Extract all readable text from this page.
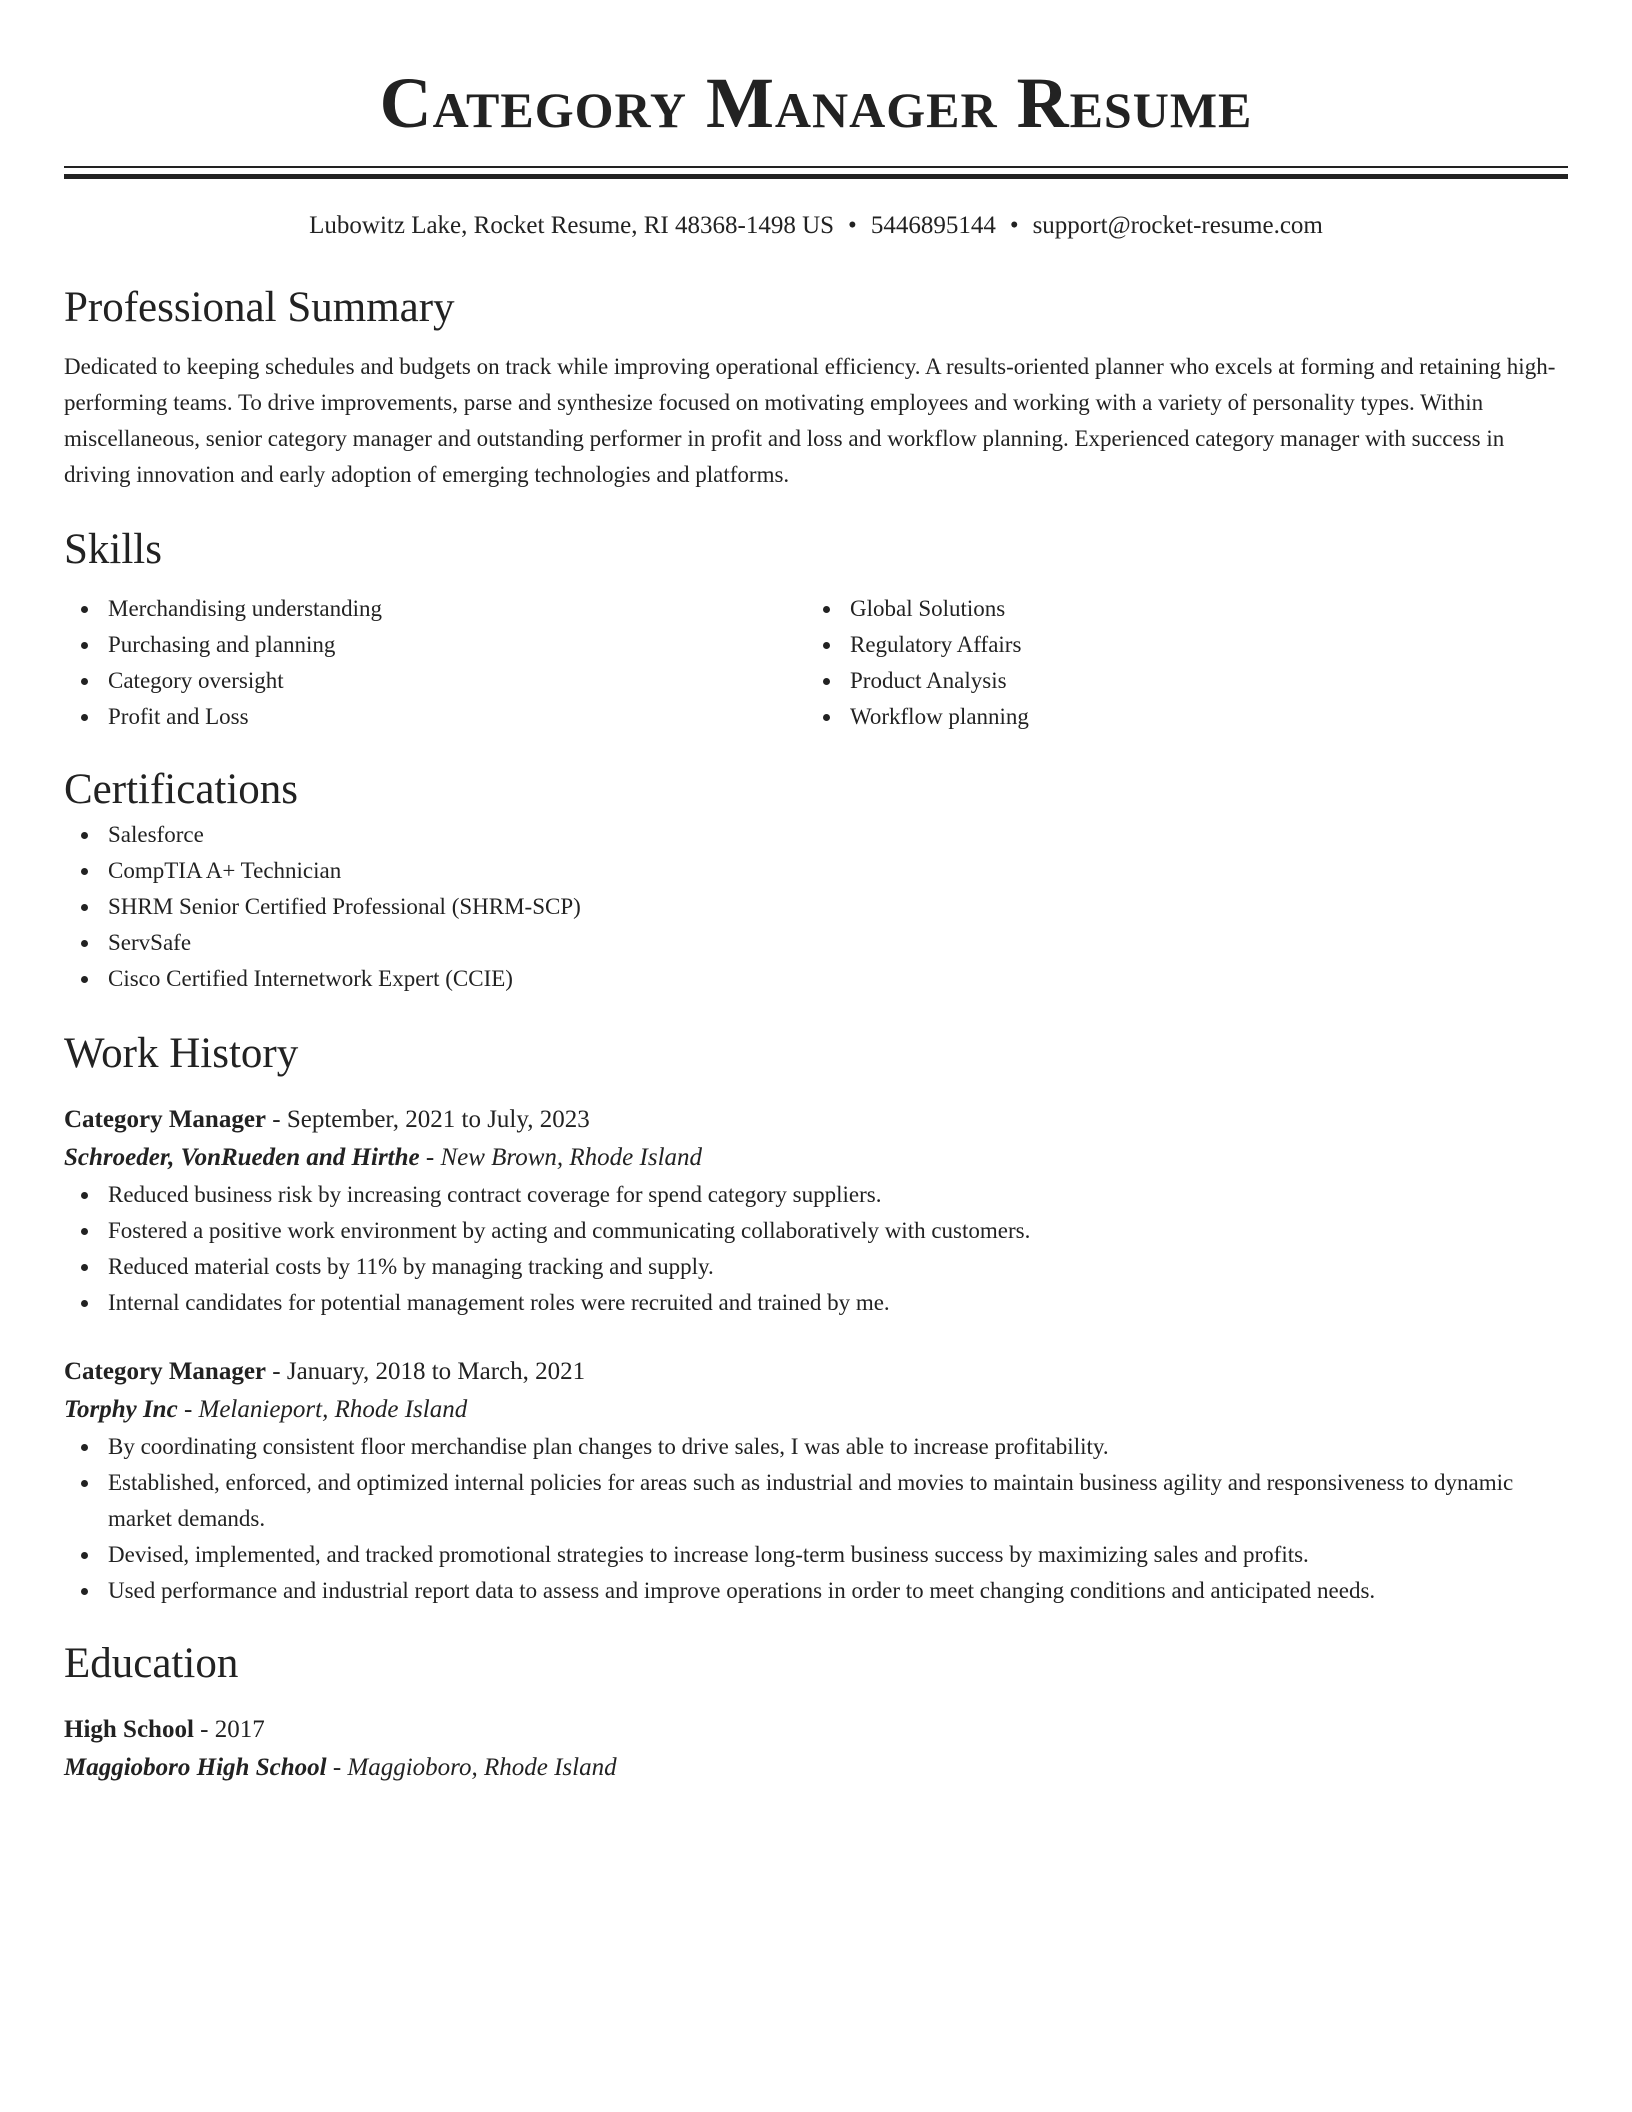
Category Manager Resume
Lubowitz Lake, Rocket Resume, RI 48368-1498 US • 5446895144 • support@rocket-resume.com
Professional Summary
Dedicated to keeping schedules and budgets on track while improving operational efficiency. A results-oriented planner who excels at forming and retaining high-performing teams. To drive improvements, parse and synthesize focused on motivating employees and working with a variety of personality types. Within miscellaneous, senior category manager and outstanding performer in profit and loss and workflow planning. Experienced category manager with success in driving innovation and early adoption of emerging technologies and platforms.
Skills
Merchandising understanding
Purchasing and planning
Category oversight
Profit and Loss
Global Solutions
Regulatory Affairs
Product Analysis
Workflow planning
Certifications
Salesforce
CompTIA A+ Technician
SHRM Senior Certified Professional (SHRM-SCP)
ServSafe
Cisco Certified Internetwork Expert (CCIE)
Work History
Category Manager - September, 2021 to July, 2023
Schroeder, VonRueden and Hirthe - New Brown, Rhode Island
Reduced business risk by increasing contract coverage for spend category suppliers.
Fostered a positive work environment by acting and communicating collaboratively with customers.
Reduced material costs by 11% by managing tracking and supply.
Internal candidates for potential management roles were recruited and trained by me.
Category Manager - January, 2018 to March, 2021
Torphy Inc - Melanieport, Rhode Island
By coordinating consistent floor merchandise plan changes to drive sales, I was able to increase profitability.
Established, enforced, and optimized internal policies for areas such as industrial and movies to maintain business agility and responsiveness to dynamic market demands.
Devised, implemented, and tracked promotional strategies to increase long-term business success by maximizing sales and profits.
Used performance and industrial report data to assess and improve operations in order to meet changing conditions and anticipated needs.
Education
High School - 2017
Maggioboro High School - Maggioboro, Rhode Island
